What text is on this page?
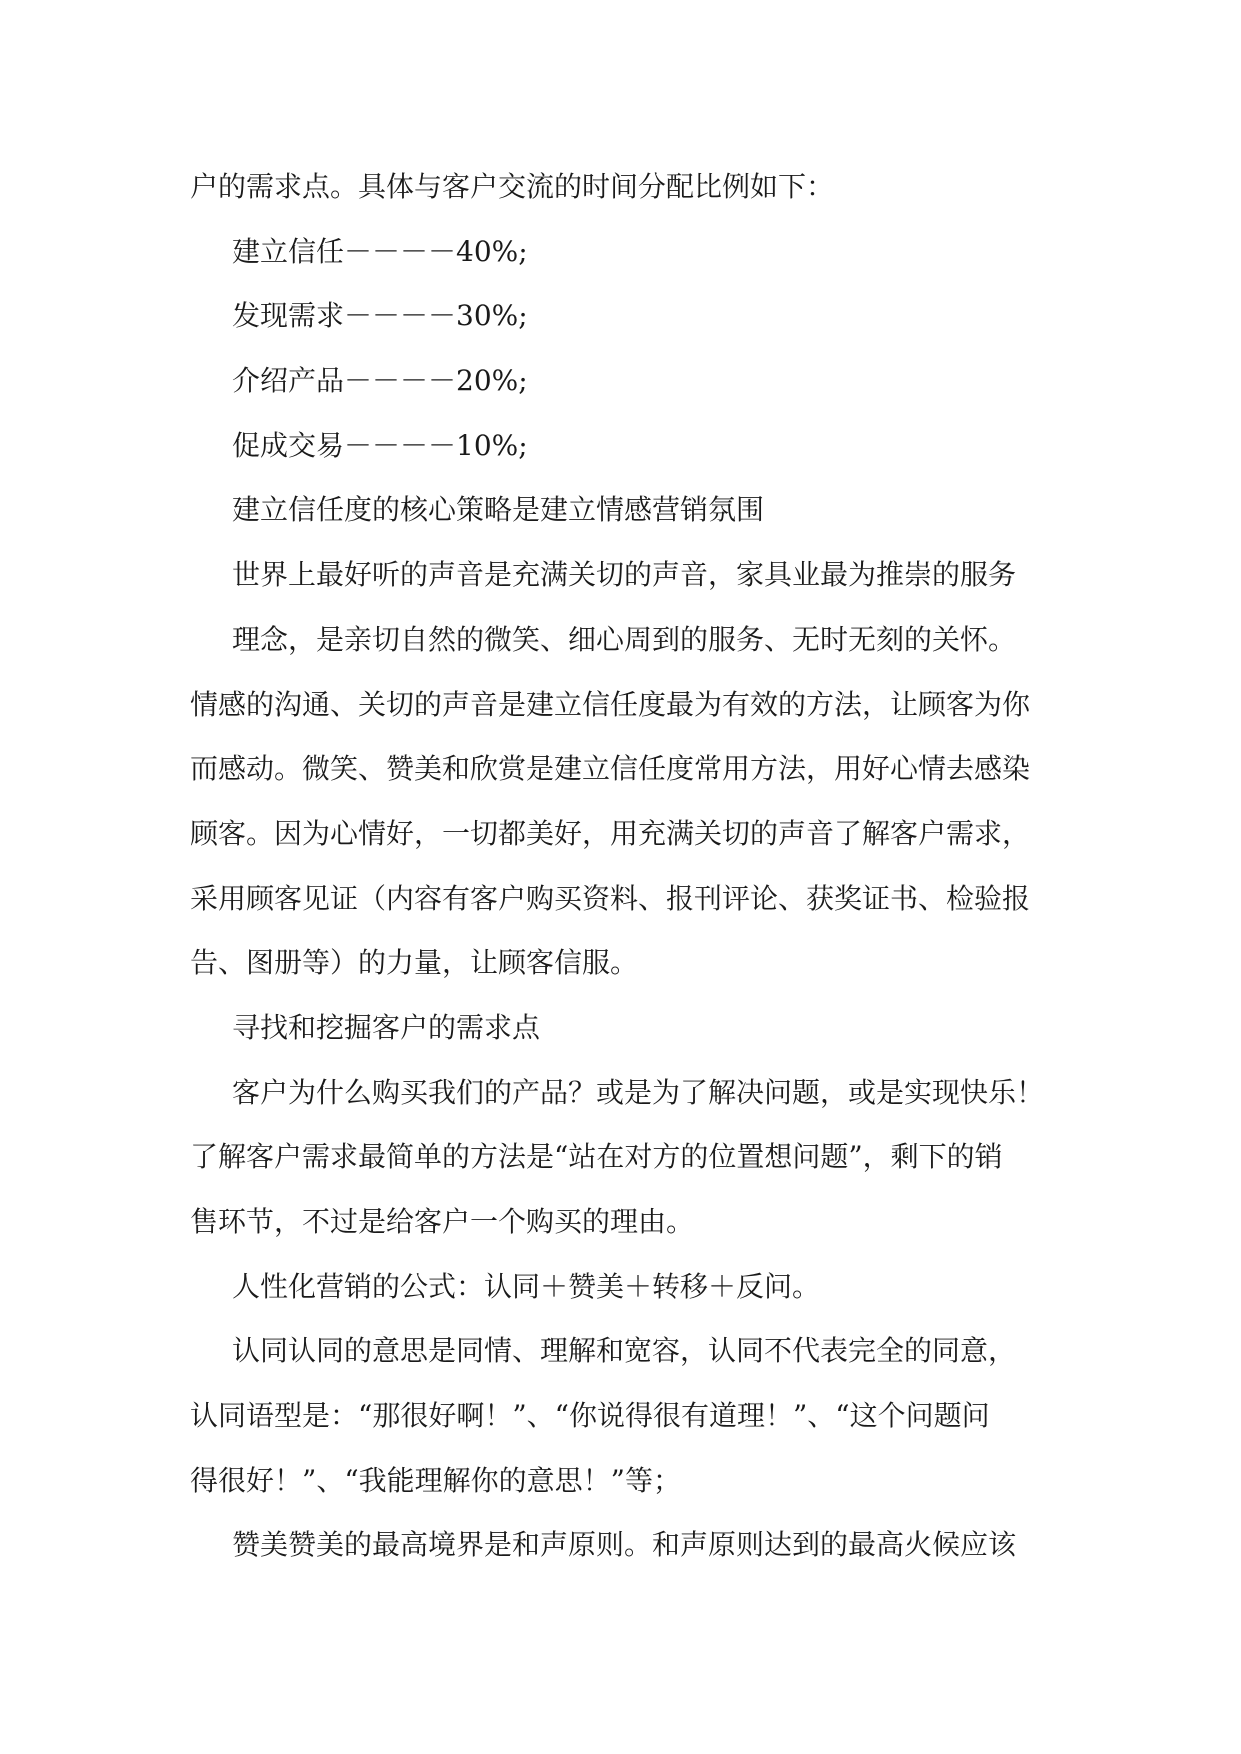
户的需求点。具体与客户交流的时间分配比例如下：
建立信任－－－－40%;
发现需求－－－－30%;
介绍产品－－－－20%;
促成交易－－－－10%;
建立信任度的核心策略是建立情感营销氛围
世界上最好听的声音是充满关切的声音，家具业最为推崇的服务
理念，是亲切自然的微笑、细心周到的服务、无时无刻的关怀。
情感的沟通、关切的声音是建立信任度最为有效的方法，让顾客为你
而感动。微笑、赞美和欣赏是建立信任度常用方法，用好心情去感染
顾客。因为心情好，一切都美好，用充满关切的声音了解客户需求，
采用顾客见证（内容有客户购买资料、报刊评论、获奖证书、检验报
告、图册等）的力量，让顾客信服。
寻找和挖掘客户的需求点
客户为什么购买我们的产品？或是为了解决问题，或是实现快乐！
了解客户需求最简单的方法是“站在对方的位置想问题”，剩下的销
售环节，不过是给客户一个购买的理由。
人性化营销的公式：认同＋赞美＋转移＋反问。
认同认同的意思是同情、理解和宽容，认同不代表完全的同意，
认同语型是：“那很好啊！”、“你说得很有道理！”、“这个问题问
得很好！”、“我能理解你的意思！”等；
赞美赞美的最高境界是和声原则。和声原则达到的最高火候应该
